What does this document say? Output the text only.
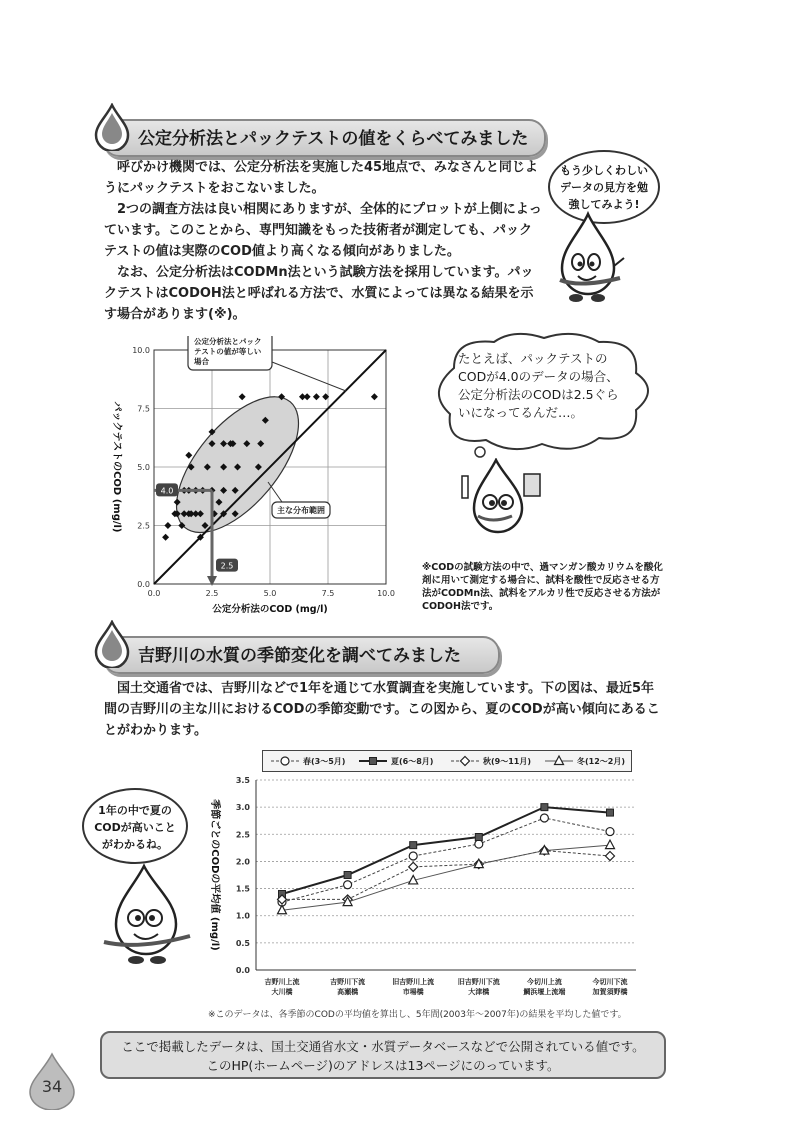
公定分析法とパックテストの値をくらべてみました
　呼びかけ機関では、公定分析法を実施した45地点で、みなさんと同じようにパックテストをおこないました。
　2つの調査方法は良い相関にありますが、全体的にプロットが上側によっています。このことから、専門知識をもった技術者が測定しても、パックテストの値は実際のCOD値より高くなる傾向がありました。
　なお、公定分析法はCODMn法という試験方法を採用しています。パックテストはCODOH法と呼ばれる方法で、水質によっては異なる結果を示す場合があります(※)。
もう少しくわしいデータの見方を勉強してみよう!
0.0
0.0
2.5
2.5
5.0
5.0
7.5
7.5
10.0
10.0
4.0
2.5
公定分析法とパックテストの値が等しい場合
主な分布範囲
公定分析法のCOD (mg/l)
パックテストのCOD (mg/l)
たとえば、パックテストのCODが4.0のデータの場合、公定分析法のCODは2.5ぐらいになってるんだ…。
※CODの試験方法の中で、過マンガン酸カリウムを酸化剤に用いて測定する場合に、試料を酸性で反応させる方法がCODMn法、試料をアルカリ性で反応させる方法がCODOH法です。
吉野川の水質の季節変化を調べてみました
　国土交通省では、吉野川などで1年を通じて水質調査を実施しています。下の図は、最近5年間の吉野川の主な川におけるCODの季節変動です。この図から、夏のCODが高い傾向にあることがわかります。
1年の中で夏のCODが高いことがわかるね。
春(3〜5月)	夏(6〜8月)	秋(9〜11月)	冬(12〜2月)
0.0
0.5
1.0
1.5
2.0
2.5
3.0
3.5
吉野川上流
大川橋
吉野川下流
高瀬橋
旧吉野川上流
市場橋
旧吉野川下流
大津橋
今切川上流
鯛浜堰上流端
今切川下流
加賀須野橋
季節ごとのCODの平均値 (mg/l)
※このデータは、各季節のCODの平均値を算出し、5年間(2003年～2007年)の結果を平均した値です。
ここで掲載したデータは、国土交通省水文・水質データベースなどで公開されている値です。
このHP(ホームページ)のアドレスは13ページにのっています。
34
